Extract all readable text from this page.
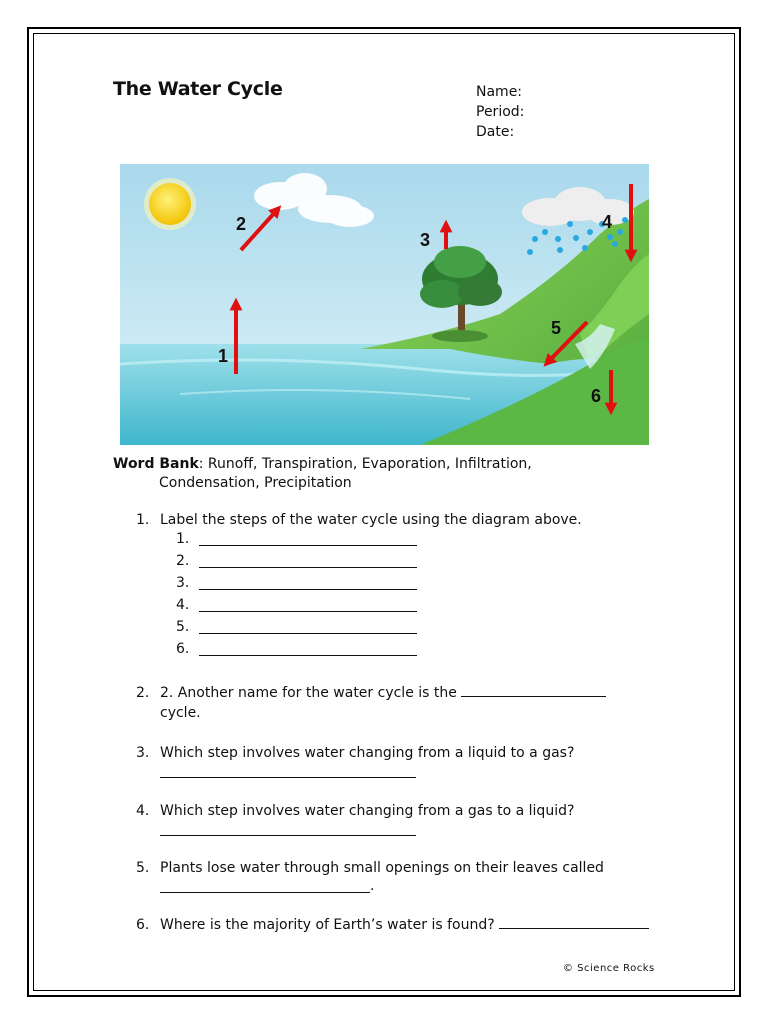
The Water Cycle	Name:
Period:
Date:
1
2
3
4
5
6
Word Bank: Runoff, Transpiration, Evaporation, Infiltration,
Condensation, Precipitation
1. Label the steps of the water cycle using the diagram above.
1.
2.
3.
4.
5.
6.
2. 2. Another name for the water cycle is the
cycle.
3. Which step involves water changing from a liquid to a gas?
4. Which step involves water changing from a gas to a liquid?
5. Plants lose water through small openings on their leaves called
.
6. Where is the majority of Earth’s water is found?
© Science Rocks
